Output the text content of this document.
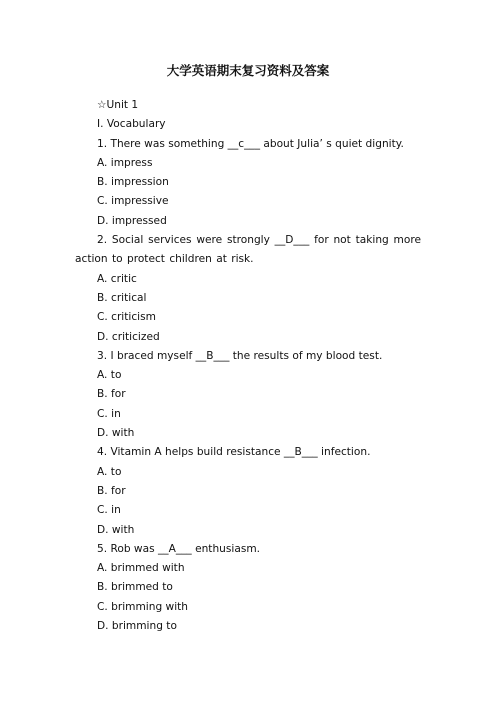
大学英语期末复习资料及答案
☆Unit 1
I. Vocabulary
1. There was something __c___ about Julia’ s quiet dignity.
A. impress
B. impression
C. impressive
D. impressed
2. Social services were strongly __D___ for not taking more action to protect children at risk.
A. critic
B. critical
C. criticism
D. criticized
3. I braced myself __B___ the results of my blood test.
A. to
B. for
C. in
D. with
4. Vitamin A helps build resistance __B___ infection.
A. to
B. for
C. in
D. with
5. Rob was __A___ enthusiasm.
A. brimmed with
B. brimmed to
C. brimming with
D. brimming to
